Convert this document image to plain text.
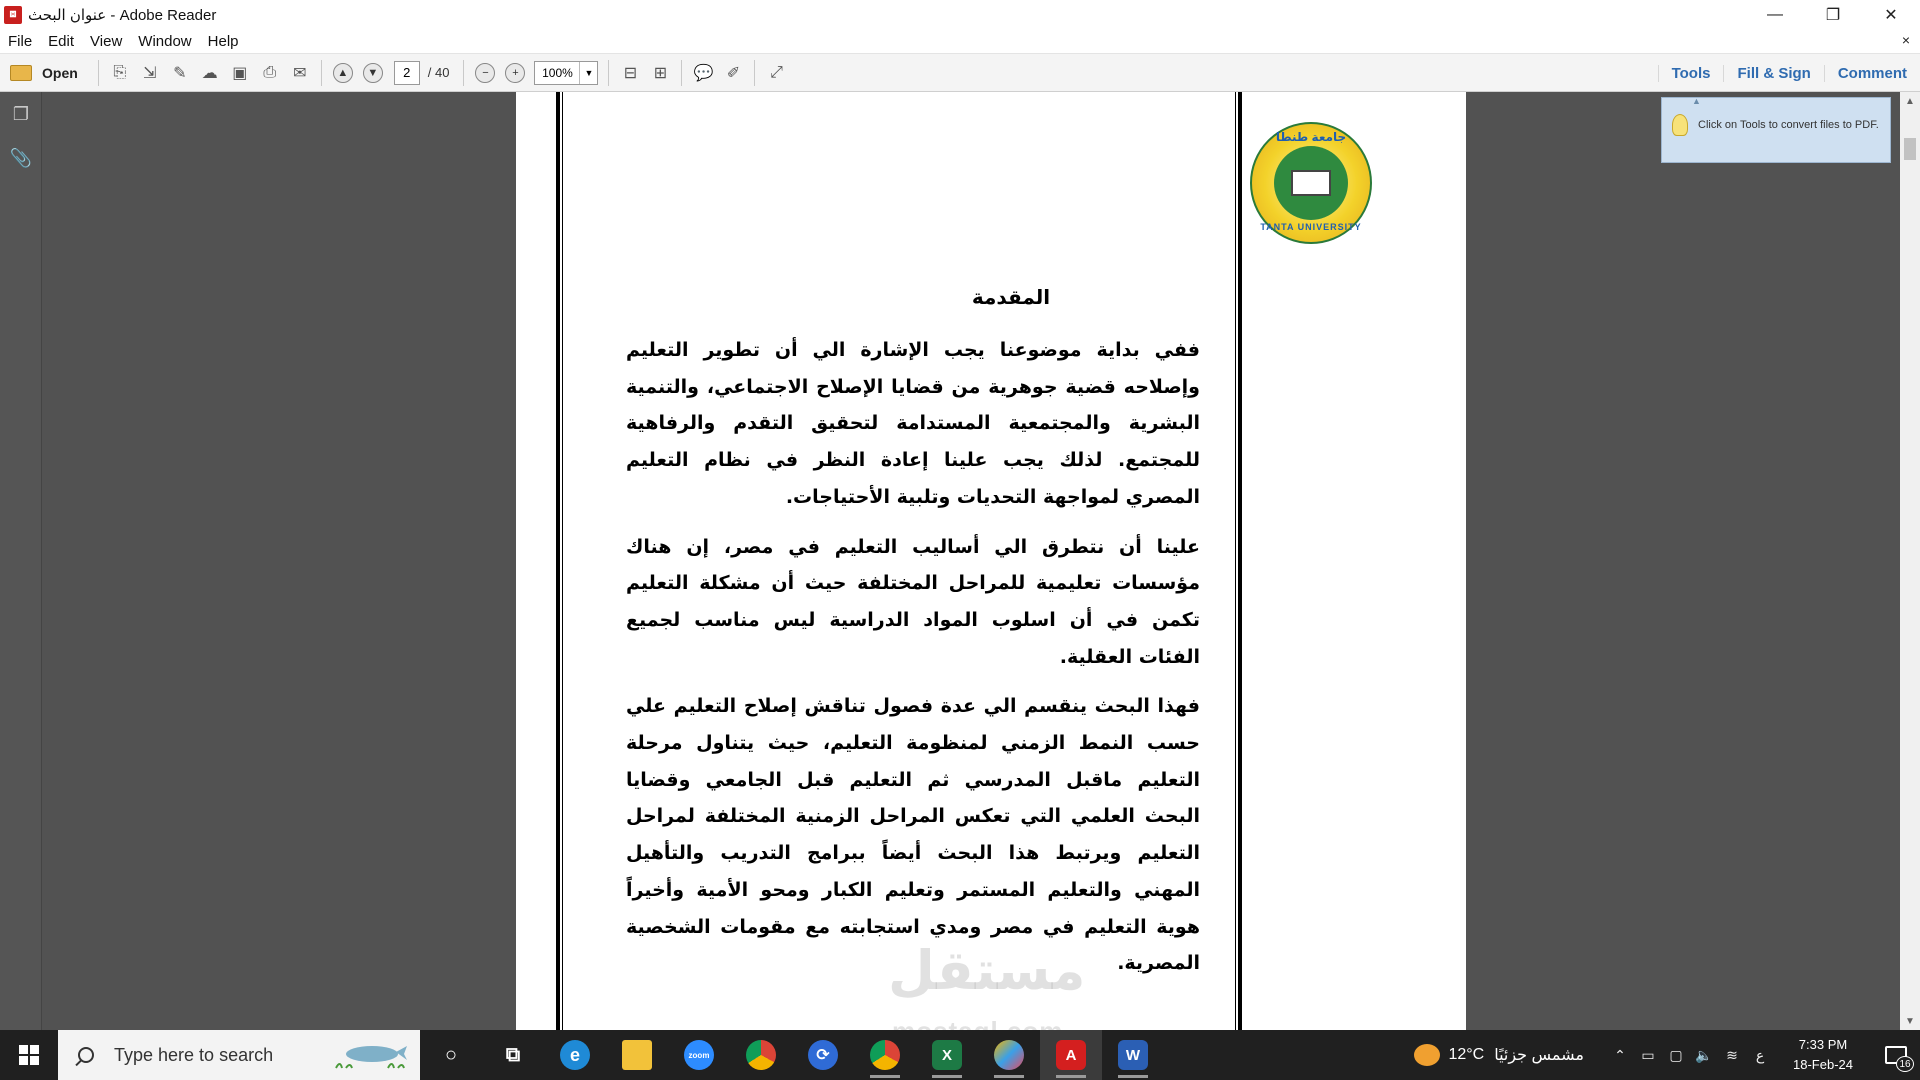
⧈ عنوان البحث - Adobe Reader	—	❐	✕
File	Edit	View	Window	Help	×
Open	⎘	⇲	✎ ☁ ▣	⎙	✉	▲	▼	2	/ 40	−	+	100%	▼	⊟	⊞	💬 ✐	⤢	Tools	Fill & Sign	Comment
❐
📎
جامعة طنطا
TANTA UNIVERSITY
المقدمة

ففي بداية موضوعنا يجب الإشارة الي أن تطوير التعليم وإصلاحه قضية جوهرية من قضايا الإصلاح الاجتماعي، والتنمية البشرية والمجتمعية المستدامة لتحقيق التقدم والرفاهية للمجتمع. لذلك يجب علينا إعادة النظر في نظام التعليم المصري لمواجهة التحديات وتلبية الأحتياجات.

علينا أن نتطرق الي أساليب التعليم في مصر، إن هناك مؤسسات تعليمية للمراحل المختلفة حيث أن مشكلة التعليم تكمن في أن اسلوب المواد الدراسية ليس مناسب لجميع الفئات العقلية.

فهذا البحث ينقسم الي عدة فصول تناقش إصلاح التعليم علي حسب النمط الزمني لمنظومة التعليم، حيث يتناول مرحلة التعليم ماقبل المدرسي ثم التعليم قبل الجامعي وقضايا البحث العلمي التي تعكس المراحل الزمنية المختلفة لمراحل التعليم ويرتبط هذا البحث أيضاً ببرامج التدريب والتأهيل المهني والتعليم المستمر وتعليم الكبار ومحو الأمية وأخيراً هوية التعليم في مصر ومدي استجابته مع مقومات الشخصية المصرية.

مستقل
▲
Click on Tools to convert files to PDF.
▲
▼
Type here to search	○	⧉	e	zoom	⟳	X	A	W	12°C مشمس جزئيًا	⌃	▭	▢ 🔈 ≋	ع
7:33 PM
18-Feb-24	16
